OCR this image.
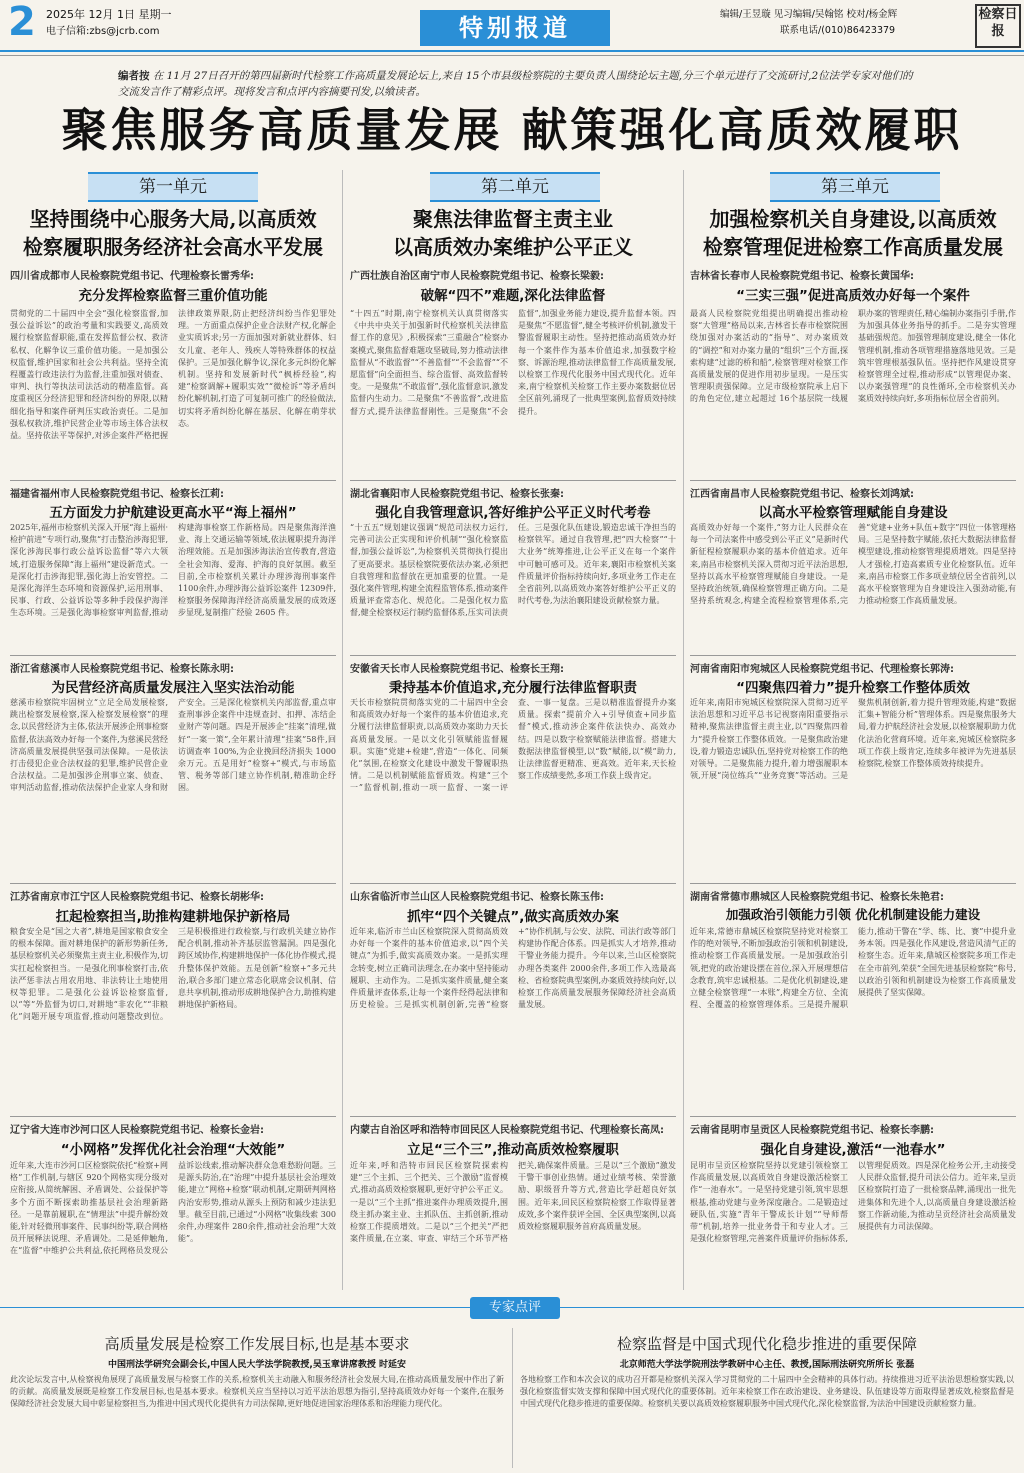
2 2025年 12月 1日 星期一
电子信箱:zbs@jcrb.com	特别报道	编辑/王昱璇 见习编辑/吴翰铭 校对/杨金辉
联系电话/(010)86423379
检察日报
编者按 在 11月 27日召开的第四届新时代检察工作高质量发展论坛上,来自 15个市县级检察院的主要负责人围绕论坛主题,分三个单元进行了交流研讨,2位法学专家对他们的交流发言作了精彩点评。现将发言和点评内容摘要刊发,以飨读者。
聚焦服务高质量发展 献策强化高质效履职
第一单元	第二单元	第三单元
坚持围绕中心服务大局,以高质效
检察履职服务经济社会高水平发展
聚焦法律监督主责主业
以高质效办案维护公平正义
加强检察机关自身建设,以高质效
检察管理促进检察工作高质量发展
四川省成都市人民检察院党组书记、代理检察长雷秀华:
充分发挥检察监督三重价值功能
贯彻党的二十届四中全会“强化检察监督,加强公益诉讼”的政治考量和实践要义,高质效履行检察监督职能,重在发挥监督公权、救济私权、化解争议三重价值功能。一是加强公权监督,维护国家和社会公共利益。坚持全流程覆盖行政违法行为监督,注重加强对债查、审判、执行等执法司法活动的精准监督。高度重视区分经济犯罪和经济纠纷的界限,以精细化指导和案件研判压实政治责任。二是加强私权救济,维护民营企业等市场主体合法权益。坚持依法平等保护,对涉企案件严格把握法律政策界限,防止把经济纠纷当作犯罪处理。一方面重点保护企业合法财产权,化解企业实质诉求;另一方面加强对新就业群体、妇女儿童、老年人、残疾人等特殊群体的权益保护。三是加强化解争议,深化多元纠纷化解机制。坚持和发展新时代“枫桥经验”,构建“检察调解+履职实效”“微检诉”等矛盾纠纷化解机制,打造了可复制可推广的经验做法,切实将矛盾纠纷化解在基层、化解在萌芽状态。
福建省福州市人民检察院党组书记、检察长江莉:
五方面发力护航建设更高水平“海上福州”
2025年,福州市检察机关深入开展“海上福州·检护前进”专项行动,聚焦“打击整治涉海犯罪,深化涉海民事行政公益诉讼监督”等六大领域,打造服务保障“海上福州”建设新范式。一是深化打击涉海犯罪,强化海上治安管控。二是深化海洋生态环境和资源保护,运用刑事、民事、行政、公益诉讼等多种手段保护海洋生态环境。三是强化海事检察审判监督,推动构建海事检察工作新格局。四是聚焦海洋渔业、海上交通运输等领域,依法履职提升海洋治理效能。五是加强涉海法治宣传教育,营造全社会知海、爱海、护海的良好氛围。截至目前,全市检察机关累计办理涉海刑事案件 1100余件,办理涉海公益诉讼案件 12309件,检察服务保障海洋经济高质量发展的成效逐步显现,复制推广经验 2605 件。
浙江省慈溪市人民检察院党组书记、检察长陈永明:
为民营经济高质量发展注入坚实法治动能
慈溪市检察院牢固树立“立足全局发展检察,跳出检察发展检察,深入检察发展检察”的理念,以民营经济为主体,依法开展涉企刑事检察监督,依法高效办好每一个案件,为慈溪民营经济高质量发展提供坚强司法保障。一是依法打击侵犯企业合法权益的犯罪,维护民营企业合法权益。二是加强涉企刑事立案、侦查、审判活动监督,推动依法保护企业家人身和财产安全。三是深化检察机关内部监督,重点审查刑事涉企案件中违规查封、扣押、冻结企业财产等问题。四是开展涉企“挂案”清理,做好“一案一策”,全年累计清理“挂案”58件,回访调查率 100%,为企业挽回经济损失 1000余万元。五是用好“检察+”模式,与市场监管、税务等部门建立协作机制,精准助企纾困。
江苏省南京市江宁区人民检察院党组书记、检察长胡彬华:
扛起检察担当,助推构建耕地保护新格局
粮食安全是“国之大者”,耕地是国家粮食安全的根本保障。面对耕地保护的新形势新任务,基层检察机关必须聚焦主责主业,积极作为,切实扛起检察担当。一是强化刑事检察打击,依法严惩非法占用农用地、非法转让土地使用权等犯罪。二是强化公益诉讼检察监督,以“等”外监督为切口,对耕地“非农化”“非粮化”问题开展专项监督,推动问题整改到位。三是积极推进行政检察,与行政机关建立协作配合机制,推动补齐基层监管漏洞。四是强化跨区域协作,构建耕地保护一体化协作模式,提升整体保护效能。五是创新“检察+”多元共治,联合多部门建立常态化联席会议机制、信息共享机制,推动形成耕地保护合力,助推构建耕地保护新格局。
辽宁省大连市沙河口区人民检察院党组书记、检察长金岩:
“小网格”发挥优化社会治理“大效能”
近年来,大连市沙河口区检察院依托“检察+网格”工作机制,与辖区 920个网格实现分级对应衔接,从简统解困、矛盾调处、公益保护等多个方面不断探索助推基层社会治理新路径。一是靠前履职,在“情理法”中提升解纷效能,针对轻微刑事案件、民事纠纷等,联合网格员开展释法说理、矛盾调处。二是延伸触角,在“监督”中维护公共利益,依托网格员发现公益诉讼线索,推动解决群众急难愁盼问题。三是源头防治,在“治理”中提升基层社会治理效能,建立“网格+检察”联动机制,定期研判网格内治安形势,推动从源头上预防和减少违法犯罪。截至目前,已通过“小网格”收集线索 300余件,办理案件 280余件,推动社会治理“大效能”。
广西壮族自治区南宁市人民检察院党组书记、检察长梁毅:
破解“四不”难题,深化法律监督
“十四五”时期,南宁检察机关认真贯彻落实《中共中央关于加强新时代检察机关法律监督工作的意见》,积极探索“三重融合”检察办案模式,聚焦监督难题攻坚破局,努力推动法律监督从“不敢监督”“不善监督”“不会监督”“不愿监督”向全面担当、综合监督、高效监督转变。一是聚焦“不敢监督”,强化监督意识,激发监督内生动力。二是聚焦“不善监督”,改进监督方式,提升法律监督刚性。三是聚焦“不会监督”,加强业务能力建设,提升监督本领。四是聚焦“不愿监督”,健全考核评价机制,激发干警监督履职主动性。坚持把推动高质效办好每一个案件作为基本价值追求,加强数字检察、诉源治理,推动法律监督工作高质量发展,以检察工作现代化服务中国式现代化。近年来,南宁检察机关检察工作主要办案数据位居全区前列,涌现了一批典型案例,监督质效持续提升。
湖北省襄阳市人民检察院党组书记、检察长张秦:
强化自我管理意识,答好维护公平正义时代考卷
“十五五”规划建议强调“规范司法权力运行,完善司法公正实现和评价机制”“强化检察监督,加强公益诉讼”,为检察机关贯彻执行提出了更高要求。基层检察院要依法办案,必须把自我管理和监督放在更加重要的位置。一是强化案件管理,构建全流程监管体系,推动案件质量评查常态化、规范化。二是强化权力监督,健全检察权运行制约监督体系,压实司法责任。三是强化队伍建设,锻造忠诚干净担当的检察铁军。通过自我管理,把“四大检察”“十大业务”统筹推进,让公平正义在每一个案件中可触可感可及。近年来,襄阳市检察机关案件质量评价指标持续向好,多项业务工作走在全省前列,以高质效办案答好维护公平正义的时代考卷,为法治襄阳建设贡献检察力量。
安徽省天长市人民检察院党组书记、检察长王翔:
秉持基本价值追求,充分履行法律监督职责
天长市检察院贯彻落实党的二十届四中全会和高质效办好每一个案件的基本价值追求,充分履行法律监督职责,以高质效办案助力天长高质量发展。一是以文化引领赋能监督履职。实施“党建+检建”,营造“一体化、同频化”氛围,在检察文化建设中激发干警履职热情。二是以机制赋能监督质效。构建“三个一”监督机制,推动一项一监督、一案一评查、一事一复盘。三是以精准监督提升办案质量。探索“提前介入+引导侦查+同步监督”模式,推动涉企案件依法快办、高效办结。四是以数字检察赋能法律监督。搭建大数据法律监督模型,以“数”赋能,以“模”助力,让法律监督更精准、更高效。近年来,天长检察工作成绩斐然,多项工作获上级肯定。
山东省临沂市兰山区人民检察院党组书记、检察长陈玉伟:
抓牢“四个关键点”,做实高质效办案
近年来,临沂市兰山区检察院深入贯彻高质效办好每一个案件的基本价值追求,以“四个关键点”为抓手,做实高质效办案。一是抓实理念转变,树立正确司法理念,在办案中坚持能动履职、主动作为。二是抓实案件质量,健全案件质量评查体系,让每一个案件经得起法律和历史检验。三是抓实机制创新,完善“检察+”协作机制,与公安、法院、司法行政等部门构建协作配合体系。四是抓实人才培养,推动干警业务能力提升。今年以来,兰山区检察院办理各类案件 2000余件,多项工作入选最高检、省检察院典型案例,办案质效持续向好,以检察工作高质量发展服务保障经济社会高质量发展。
内蒙古自治区呼和浩特市回民区人民检察院党组书记、代理检察长高凤:
立足“三个三”,推动高质效检察履职
近年来,呼和浩特市回民区检察院探索构建“三个主抓、三个把关、三个激励”监督模式,推动高质效检察履职,更好守护公平正义。一是以“三个主抓”推进案件办理质效提升,围绕主抓办案主业、主抓队伍、主抓创新,推动检察工作提质增效。二是以“三个把关”严把案件质量,在立案、审查、审结三个环节严格把关,确保案件质量。三是以“三个激励”激发干警干事创业热情。通过业绩考核、荣誉激励、职级晋升等方式,营造比学赶超良好氛围。近年来,回民区检察院检察工作取得显著成效,多个案件获评全国、全区典型案例,以高质效检察履职服务首府高质量发展。
吉林省长春市人民检察院党组书记、检察长黄国华:
“三实三强”促进高质效办好每一个案件
最高人民检察院党组提出明确提出推动检察“大管理”格局以来,吉林省长春市检察院围绕加强对办案活动的“指导”、对办案质效的“调控”和对办案力量的“组织”三个方面,探索构建“过滤的桥和船”,检察管理对检察工作高质量发展的促进作用初步显现。一是压实管理职责强保障。立足市级检察院承上启下的角色定位,建立起超过 16个基层院一线履职办案的管理责任,精心编制办案指引手册,作为加强具体业务指导的抓手。二是夯实管理基础强规范。加强管理制度建设,健全一体化管理机制,推动各项管理措施落地见效。三是筑牢管理根基强队伍。坚持把作风建设贯穿检察管理全过程,推动形成“以管理促办案、以办案强管理”的良性循环,全市检察机关办案质效持续向好,多项指标位居全省前列。
江西省南昌市人民检察院党组书记、检察长刘鸿斌:
以高水平检察管理赋能自身建设
高质效办好每一个案件,“努力让人民群众在每一个司法案件中感受到公平正义”是新时代新征程检察履职办案的基本价值追求。近年来,南昌市检察机关深入贯彻习近平法治思想,坚持以高水平检察管理赋能自身建设。一是坚持政治统领,确保检察管理正确方向。二是坚持系统观念,构建全流程检察管理体系,完善“党建+业务+队伍+数字”四位一体管理格局。三是坚持数字赋能,依托大数据法律监督模型建设,推动检察管理提质增效。四是坚持人才强检,打造高素质专业化检察队伍。近年来,南昌市检察工作多项业绩位居全省前列,以高水平检察管理为自身建设注入强劲动能,有力推动检察工作高质量发展。
河南省南阳市宛城区人民检察院党组书记、代理检察长郭涛:
“四聚焦四着力”提升检察工作整体质效
近年来,南阳市宛城区检察院深入贯彻习近平法治思想和习近平总书记视察南阳重要指示精神,聚焦法律监督主责主业,以“四聚焦四着力”提升检察工作整体质效。一是聚焦政治建设,着力锻造忠诚队伍,坚持党对检察工作的绝对领导。二是聚焦能力提升,着力增强履职本领,开展“岗位练兵”“业务竞赛”等活动。三是聚焦机制创新,着力提升管理效能,构建“数据汇集+智能分析”管理体系。四是聚焦服务大局,着力护航经济社会发展,以检察履职助力优化法治化营商环境。近年来,宛城区检察院多项工作获上级肯定,连续多年被评为先进基层检察院,检察工作整体质效持续提升。
湖南省常德市鼎城区人民检察院党组书记、检察长朱艳君:
加强政治引领能力引领 优化机制建设能力建设
近年来,常德市鼎城区检察院坚持党对检察工作的绝对领导,不断加强政治引领和机制建设,推动检察工作高质量发展。一是加强政治引领,把党的政治建设摆在首位,深入开展理想信念教育,筑牢忠诚根基。二是优化机制建设,建立健全检察管理“一本账”,构建全方位、全流程、全覆盖的检察管理体系。三是提升履职能力,推动干警在“学、练、比、赛”中提升业务本领。四是强化作风建设,营造风清气正的检察生态。近年来,鼎城区检察院多项工作走在全市前列,荣获“全国先进基层检察院”称号,以政治引领和机制建设为检察工作高质量发展提供了坚实保障。
云南省昆明市呈贡区人民检察院党组书记、检察长李鹏:
强化自身建设,激活“一池春水”
昆明市呈贡区检察院坚持以党建引领检察工作高质量发展,以高质效自身建设激活检察工作“一池春水”。一是坚持党建引领,筑牢思想根基,推动党建与业务深度融合。二是锻造过硬队伍,实施“青年干警成长计划”“导师帮带”机制,培养一批业务骨干和专业人才。三是强化检察管理,完善案件质量评价指标体系,以管理促质效。四是深化检务公开,主动接受人民群众监督,提升司法公信力。近年来,呈贡区检察院打造了一批检察品牌,涌现出一批先进集体和先进个人,以高质量自身建设激活检察工作新动能,为推动呈贡经济社会高质量发展提供有力司法保障。
专家点评
高质量发展是检察工作发展目标,也是基本要求
中国刑法学研究会副会长,中国人民大学法学院教授,吴玉章讲席教授 时延安
此次论坛发言中,从检察视角展现了高质量发展与检察工作的关系,检察机关主动融入和服务经济社会发展大局,在推动高质量发展中作出了新的贡献。高质量发展既是检察工作发展目标,也是基本要求。检察机关应当坚持以习近平法治思想为指引,坚持高质效办好每一个案件,在服务保障经济社会发展大局中彰显检察担当,为推进中国式现代化提供有力司法保障,更好地促进国家治理体系和治理能力现代化。
检察监督是中国式现代化稳步推进的重要保障
北京师范大学法学院刑法学教研中心主任、教授,国际刑法研究所所长 张磊
各地检察工作和本次会议的成功召开都是检察机关深入学习贯彻党的二十届四中全会精神的具体行动。持续推进习近平法治思想检察实践,以强化检察监督实效支撑和保障中国式现代化的重要体制。近年来检察工作在政治建设、业务建设、队伍建设等方面取得显著成效,检察监督是中国式现代化稳步推进的重要保障。检察机关要以高质效检察履职服务中国式现代化,深化检察监督,为法治中国建设贡献检察力量。
